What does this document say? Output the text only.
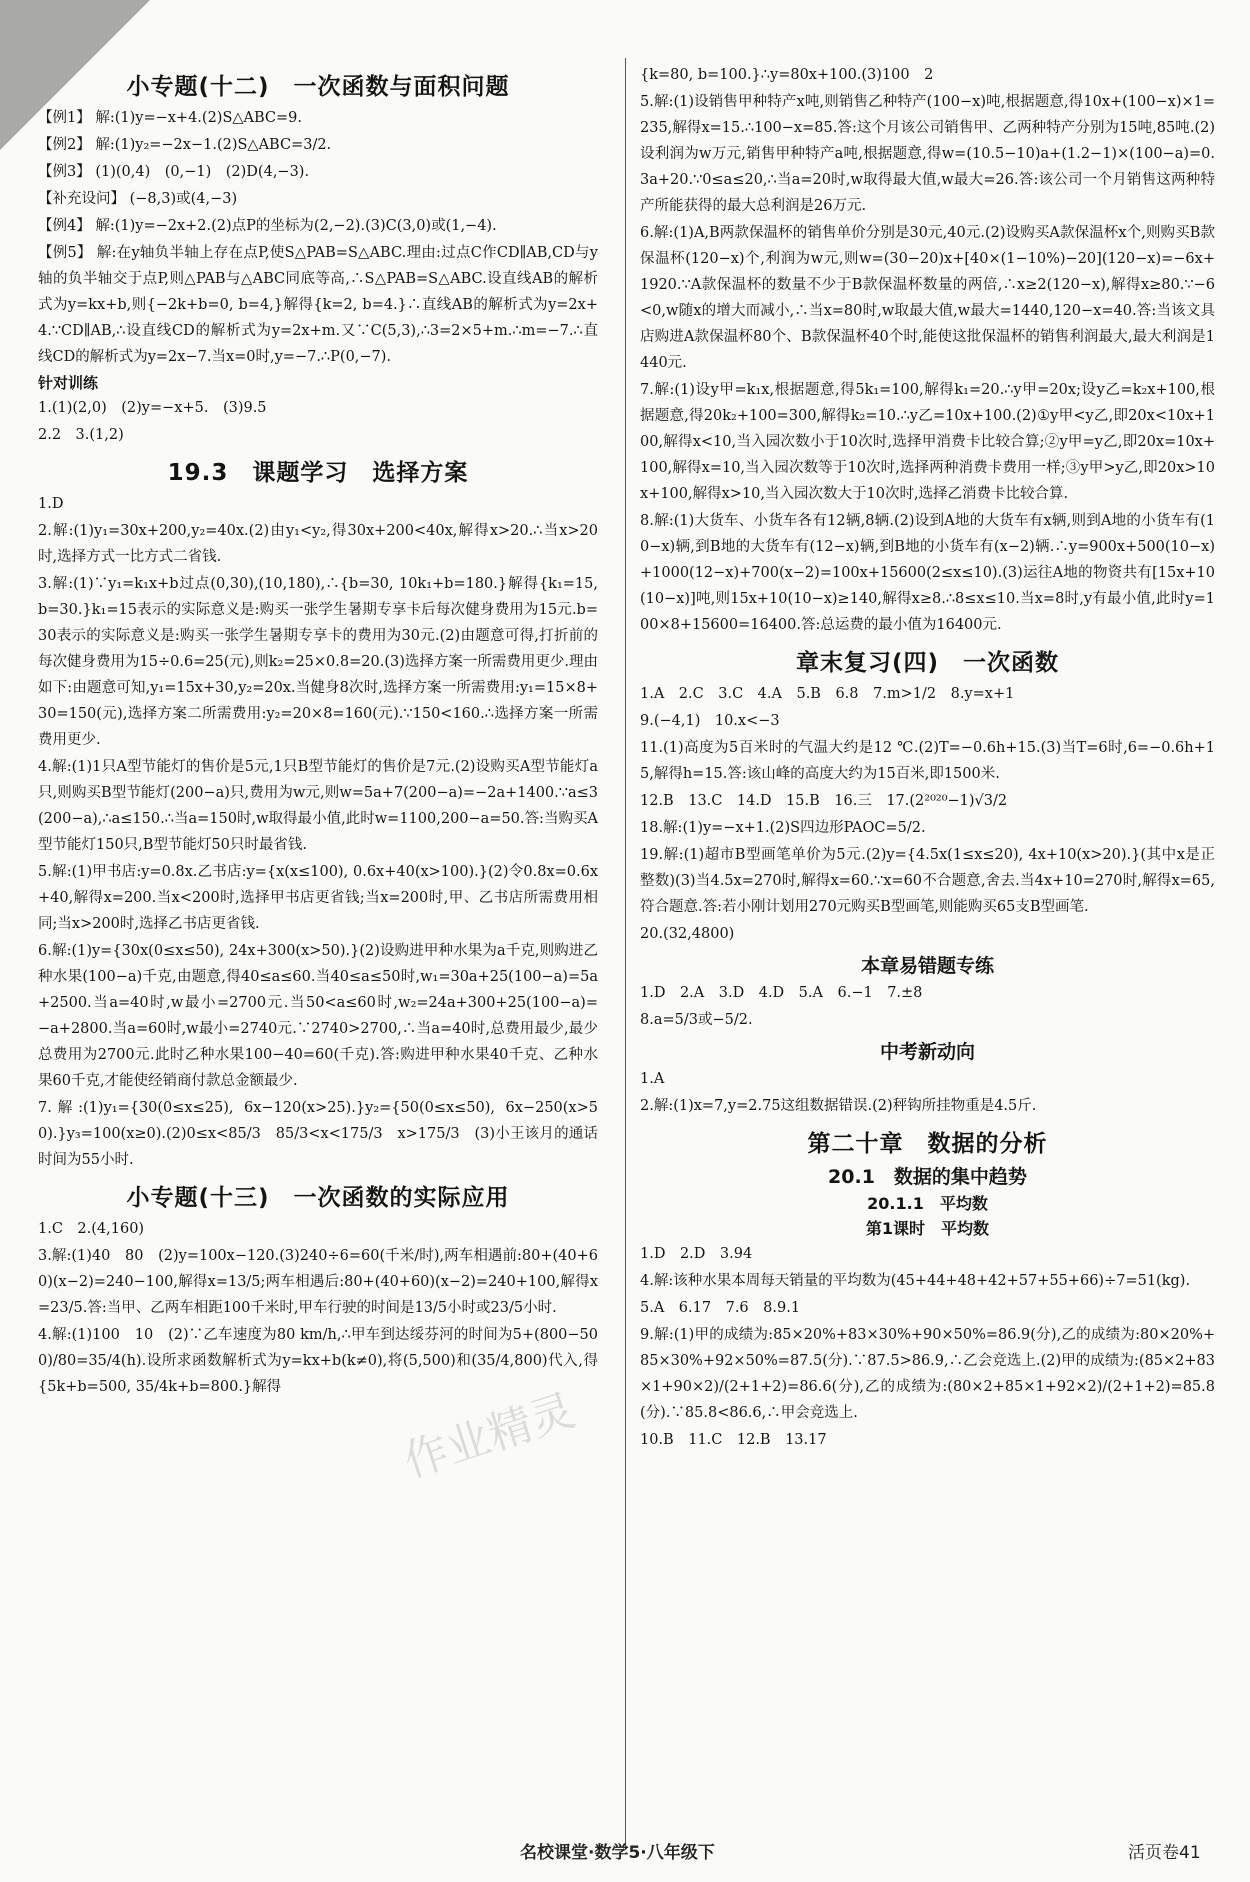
小专题(十二)　一次函数与面积问题
【例1】 解:(1)y=−x+4.(2)S△ABC=9.
【例2】 解:(1)y₂=−2x−1.(2)S△ABC=3/2.
【例3】 (1)(0,4)　(0,−1)　(2)D(4,−3).
【补充设问】 (−8,3)或(4,−3)
【例4】 解:(1)y=−2x+2.(2)点P的坐标为(2,−2).(3)C(3,0)或(1,−4).
【例5】 解:在y轴负半轴上存在点P,使S△PAB=S△ABC.理由:过点C作CD∥AB,CD与y轴的负半轴交于点P,则△PAB与△ABC同底等高,∴S△PAB=S△ABC.设直线AB的解析式为y=kx+b,则{−2k+b=0, b=4,}解得{k=2, b=4.}∴直线AB的解析式为y=2x+4.∵CD∥AB,∴设直线CD的解析式为y=2x+m.又∵C(5,3),∴3=2×5+m.∴m=−7.∴直线CD的解析式为y=2x−7.当x=0时,y=−7.∴P(0,−7).
针对训练
1.(1)(2,0)　(2)y=−x+5.　(3)9.5
2.2　3.(1,2)
19.3　课题学习　选择方案
1.D
2.解:(1)y₁=30x+200,y₂=40x.(2)由y₁<y₂,得30x+200<40x,解得x>20.∴当x>20时,选择方式一比方式二省钱.
3.解:(1)∵y₁=k₁x+b过点(0,30),(10,180),∴{b=30, 10k₁+b=180.}解得{k₁=15, b=30.}k₁=15表示的实际意义是:购买一张学生暑期专享卡后每次健身费用为15元.b=30表示的实际意义是:购买一张学生暑期专享卡的费用为30元.(2)由题意可得,打折前的每次健身费用为15÷0.6=25(元),则k₂=25×0.8=20.(3)选择方案一所需费用更少.理由如下:由题意可知,y₁=15x+30,y₂=20x.当健身8次时,选择方案一所需费用:y₁=15×8+30=150(元),选择方案二所需费用:y₂=20×8=160(元).∵150<160.∴选择方案一所需费用更少.
4.解:(1)1只A型节能灯的售价是5元,1只B型节能灯的售价是7元.(2)设购买A型节能灯a只,则购买B型节能灯(200−a)只,费用为w元,则w=5a+7(200−a)=−2a+1400.∵a≤3(200−a),∴a≤150.∴当a=150时,w取得最小值,此时w=1100,200−a=50.答:当购买A型节能灯150只,B型节能灯50只时最省钱.
5.解:(1)甲书店:y=0.8x.乙书店:y={x(x≤100), 0.6x+40(x>100).}(2)令0.8x=0.6x+40,解得x=200.当x<200时,选择甲书店更省钱;当x=200时,甲、乙书店所需费用相同;当x>200时,选择乙书店更省钱.
6.解:(1)y={30x(0≤x≤50), 24x+300(x>50).}(2)设购进甲种水果为a千克,则购进乙种水果(100−a)千克,由题意,得40≤a≤60.当40≤a≤50时,w₁=30a+25(100−a)=5a+2500.当a=40时,w最小=2700元.当50<a≤60时,w₂=24a+300+25(100−a)=−a+2800.当a=60时,w最小=2740元.∵2740>2700,∴当a=40时,总费用最少,最少总费用为2700元.此时乙种水果100−40=60(千克).答:购进甲种水果40千克、乙种水果60千克,才能使经销商付款总金额最少.
7.解:(1)y₁={30(0≤x≤25), 6x−120(x>25).}y₂={50(0≤x≤50), 6x−250(x>50).}y₃=100(x≥0).(2)0≤x<85/3　85/3<x<175/3　x>175/3　(3)小王该月的通话时间为55小时.
小专题(十三)　一次函数的实际应用
1.C　2.(4,160)
3.解:(1)40　80　(2)y=100x−120.(3)240÷6=60(千米/时),两车相遇前:80+(40+60)(x−2)=240−100,解得x=13/5;两车相遇后:80+(40+60)(x−2)=240+100,解得x=23/5.答:当甲、乙两车相距100千米时,甲车行驶的时间是13/5小时或23/5小时.
4.解:(1)100　10　(2)∵乙车速度为80 km/h,∴甲车到达绥芬河的时间为5+(800−500)/80=35/4(h).设所求函数解析式为y=kx+b(k≠0),将(5,500)和(35/4,800)代入,得{5k+b=500, 35/4k+b=800.}解得
{k=80, b=100.}∴y=80x+100.(3)100　2
5.解:(1)设销售甲种特产x吨,则销售乙种特产(100−x)吨,根据题意,得10x+(100−x)×1=235,解得x=15.∴100−x=85.答:这个月该公司销售甲、乙两种特产分别为15吨,85吨.(2)设利润为w万元,销售甲种特产a吨,根据题意,得w=(10.5−10)a+(1.2−1)×(100−a)=0.3a+20.∵0≤a≤20,∴当a=20时,w取得最大值,w最大=26.答:该公司一个月销售这两种特产所能获得的最大总利润是26万元.
6.解:(1)A,B两款保温杯的销售单价分别是30元,40元.(2)设购买A款保温杯x个,则购买B款保温杯(120−x)个,利润为w元,则w=(30−20)x+[40×(1−10%)−20](120−x)=−6x+1920.∵A款保温杯的数量不少于B款保温杯数量的两倍,∴x≥2(120−x),解得x≥80.∵−6<0,w随x的增大而减小,∴当x=80时,w取最大值,w最大=1440,120−x=40.答:当该文具店购进A款保温杯80个、B款保温杯40个时,能使这批保温杯的销售利润最大,最大利润是1440元.
7.解:(1)设y甲=k₁x,根据题意,得5k₁=100,解得k₁=20.∴y甲=20x;设y乙=k₂x+100,根据题意,得20k₂+100=300,解得k₂=10.∴y乙=10x+100.(2)①y甲<y乙,即20x<10x+100,解得x<10,当入园次数小于10次时,选择甲消费卡比较合算;②y甲=y乙,即20x=10x+100,解得x=10,当入园次数等于10次时,选择两种消费卡费用一样;③y甲>y乙,即20x>10x+100,解得x>10,当入园次数大于10次时,选择乙消费卡比较合算.
8.解:(1)大货车、小货车各有12辆,8辆.(2)设到A地的大货车有x辆,则到A地的小货车有(10−x)辆,到B地的大货车有(12−x)辆,到B地的小货车有(x−2)辆.∴y=900x+500(10−x)+1000(12−x)+700(x−2)=100x+15600(2≤x≤10).(3)运往A地的物资共有[15x+10(10−x)]吨,则15x+10(10−x)≥140,解得x≥8.∴8≤x≤10.当x=8时,y有最小值,此时y=100×8+15600=16400.答:总运费的最小值为16400元.
章末复习(四)　一次函数
1.A　2.C　3.C　4.A　5.B　6.8　7.m>1/2　8.y=x+1
9.(−4,1)　10.x<−3
11.(1)高度为5百米时的气温大约是12 ℃.(2)T=−0.6h+15.(3)当T=6时,6=−0.6h+15,解得h=15.答:该山峰的高度大约为15百米,即1500米.
12.B　13.C　14.D　15.B　16.三　17.(2²⁰²⁰−1)√3/2
18.解:(1)y=−x+1.(2)S四边形PAOC=5/2.
19.解:(1)超市B型画笔单价为5元.(2)y={4.5x(1≤x≤20), 4x+10(x>20).}(其中x是正整数)(3)当4.5x=270时,解得x=60.∵x=60不合题意,舍去.当4x+10=270时,解得x=65,符合题意.答:若小刚计划用270元购买B型画笔,则能购买65支B型画笔.
20.(32,4800)
本章易错题专练
1.D　2.A　3.D　4.D　5.A　6.−1　7.±8
8.a=5/3或−5/2.
中考新动向
1.A
2.解:(1)x=7,y=2.75这组数据错误.(2)秤钩所挂物重是4.5斤.
第二十章　数据的分析
20.1　数据的集中趋势
20.1.1　平均数
第1课时　平均数
1.D　2.D　3.94
4.解:该种水果本周每天销量的平均数为(45+44+48+42+57+55+66)÷7=51(kg).
5.A　6.17　7.6　8.9.1
9.解:(1)甲的成绩为:85×20%+83×30%+90×50%=86.9(分),乙的成绩为:80×20%+85×30%+92×50%=87.5(分).∵87.5>86.9,∴乙会竞选上.(2)甲的成绩为:(85×2+83×1+90×2)/(2+1+2)=86.6(分),乙的成绩为:(80×2+85×1+92×2)/(2+1+2)=85.8(分).∵85.8<86.6,∴甲会竞选上.
10.B　11.C　12.B　13.17
作业精灵
名校课堂·数学5·八年级下	活页卷41
